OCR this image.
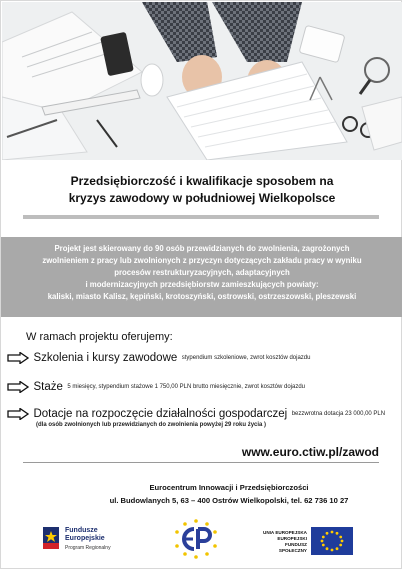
Przedsiębiorczość i kwalifikacje sposobem na
kryzys zawodowy w południowej Wielkopolsce

Projekt jest skierowany do 90 osób przewidzianych do zwolnienia, zagrożonych
zwolnieniem z pracy lub zwolnionych z przyczyn dotyczących zakładu pracy w wyniku
procesów restrukturyzacyjnych, adaptacyjnych
i modernizacyjnych przedsiębiorstw zamieszkujących powiaty:
kaliski, miasto Kalisz, kępiński, krotoszyński, ostrowski, ostrzeszowski, pleszewski

W ramach projektu oferujemy:
Szkolenia i kursy zawodowe stypendium szkoleniowe, zwrot kosztów dojazdu
Staże 5 miesięcy, stypendium stażowe 1 750,00 PLN brutto miesięcznie, zwrot kosztów dojazdu
Dotacje na rozpoczęcie działalności gospodarczej bezzwrotna dotacja 23 000,00 PLN
(dla osób zwolnionych lub przewidzianych do zwolnienia powyżej 29 roku życia )
www.euro.ctiw.pl/zawod
Eurocentrum Innowacji i Przedsiębiorczości
ul. Budowlanych 5, 63 – 400 Ostrów Wielkopolski, tel. 62 736 10 27
Fundusze
Europejskie
Program Regionalny
UNIA EUROPEJSKA
EUROPEJSKI
FUNDUSZ SPOŁECZNY
